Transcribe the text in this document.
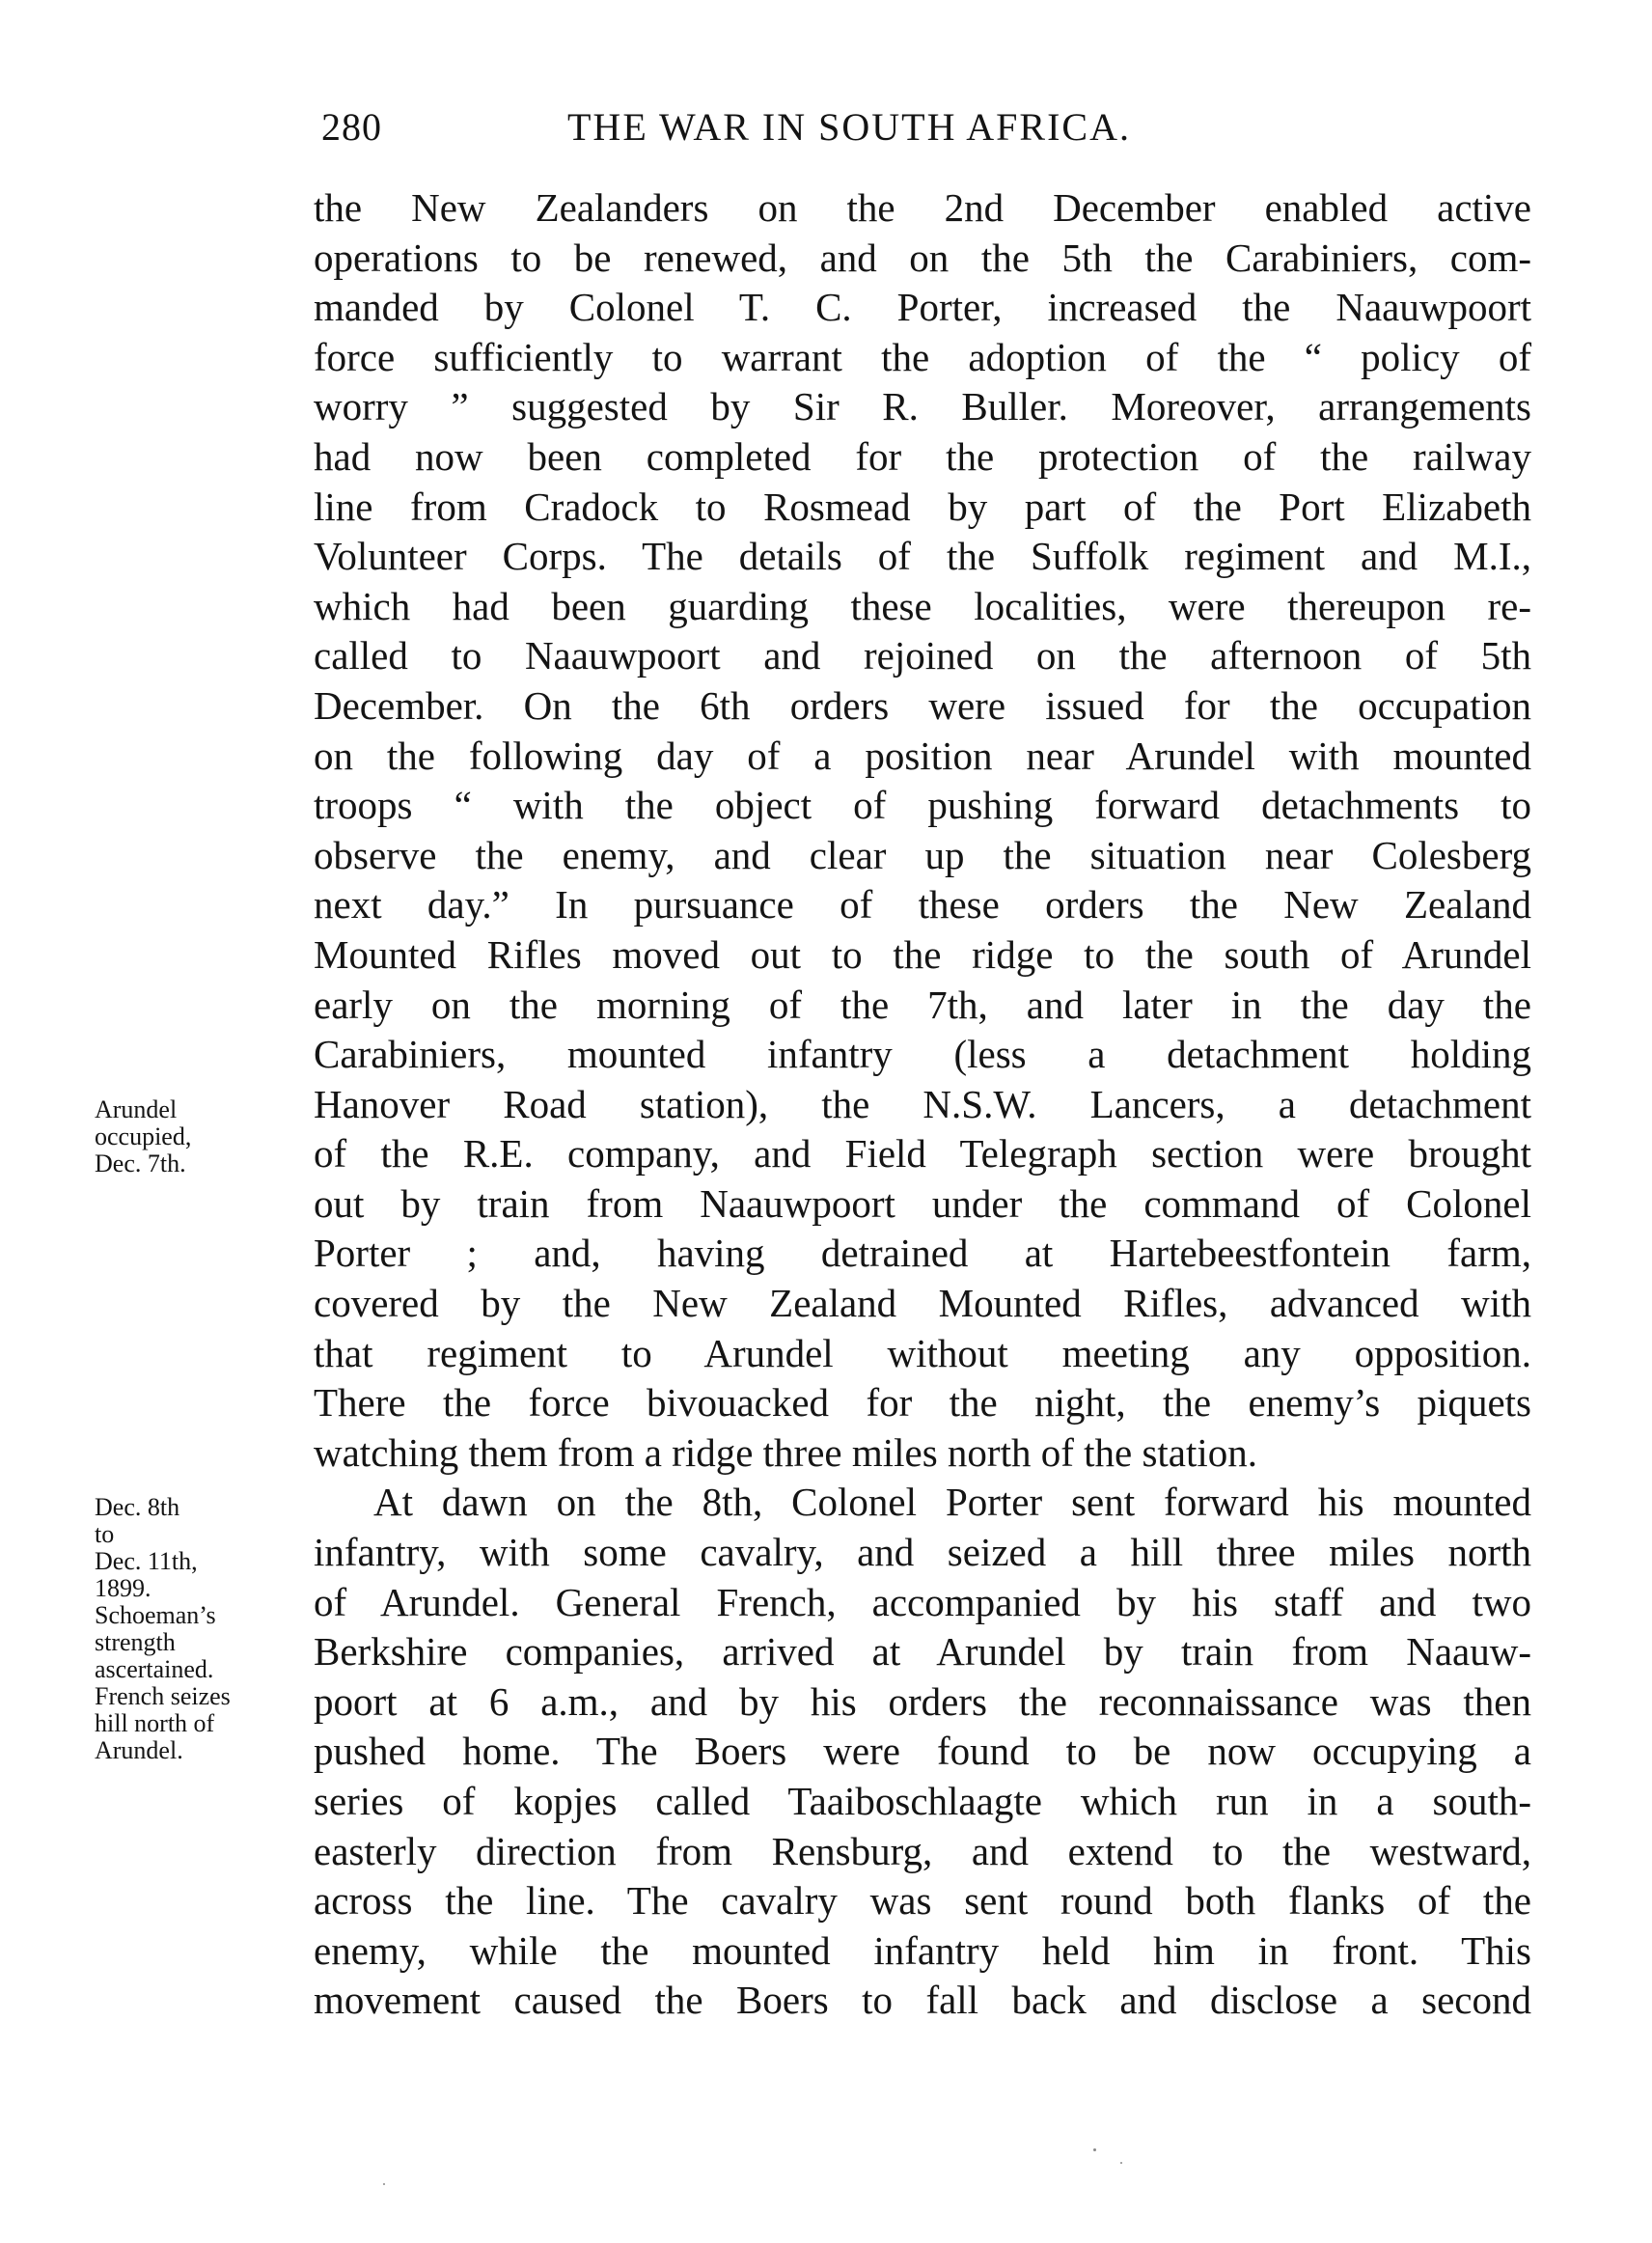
280	THE WAR IN SOUTH AFRICA.
Arundel
occupied,
Dec. 7th.
Dec. 8th
to
Dec. 11th,
1899.
Schoeman’s
strength
ascertained.
French seizes
hill north of
Arundel.
the New Zealanders on the 2nd December enabled active
operations to be renewed, and on the 5th the Carabiniers, com-
manded by Colonel T. C. Porter, increased the Naauwpoort
force sufficiently to warrant the adoption of the “ policy of
worry ” suggested by Sir R. Buller. Moreover, arrangements
had now been completed for the protection of the railway
line from Cradock to Rosmead by part of the Port Elizabeth
Volunteer Corps. The details of the Suffolk regiment and M.I.,
which had been guarding these localities, were thereupon re-
called to Naauwpoort and rejoined on the afternoon of 5th
December. On the 6th orders were issued for the occupation
on the following day of a position near Arundel with mounted
troops “ with the object of pushing forward detachments to
observe the enemy, and clear up the situation near Colesberg
next day.” In pursuance of these orders the New Zealand
Mounted Rifles moved out to the ridge to the south of Arundel
early on the morning of the 7th, and later in the day the
Carabiniers, mounted infantry (less a detachment holding
Hanover Road station), the N.S.W. Lancers, a detachment
of the R.E. company, and Field Telegraph section were brought
out by train from Naauwpoort under the command of Colonel
Porter ; and, having detrained at Hartebeestfontein farm,
covered by the New Zealand Mounted Rifles, advanced with
that regiment to Arundel without meeting any opposition.
There the force bivouacked for the night, the enemy’s piquets
watching them from a ridge three miles north of the station.
At dawn on the 8th, Colonel Porter sent forward his mounted
infantry, with some cavalry, and seized a hill three miles north
of Arundel. General French, accompanied by his staff and two
Berkshire companies, arrived at Arundel by train from Naauw-
poort at 6 a.m., and by his orders the reconnaissance was then
pushed home. The Boers were found to be now occupying a
series of kopjes called Taaiboschlaagte which run in a south-
easterly direction from Rensburg, and extend to the westward,
across the line. The cavalry was sent round both flanks of the
enemy, while the mounted infantry held him in front. This
movement caused the Boers to fall back and disclose a second
